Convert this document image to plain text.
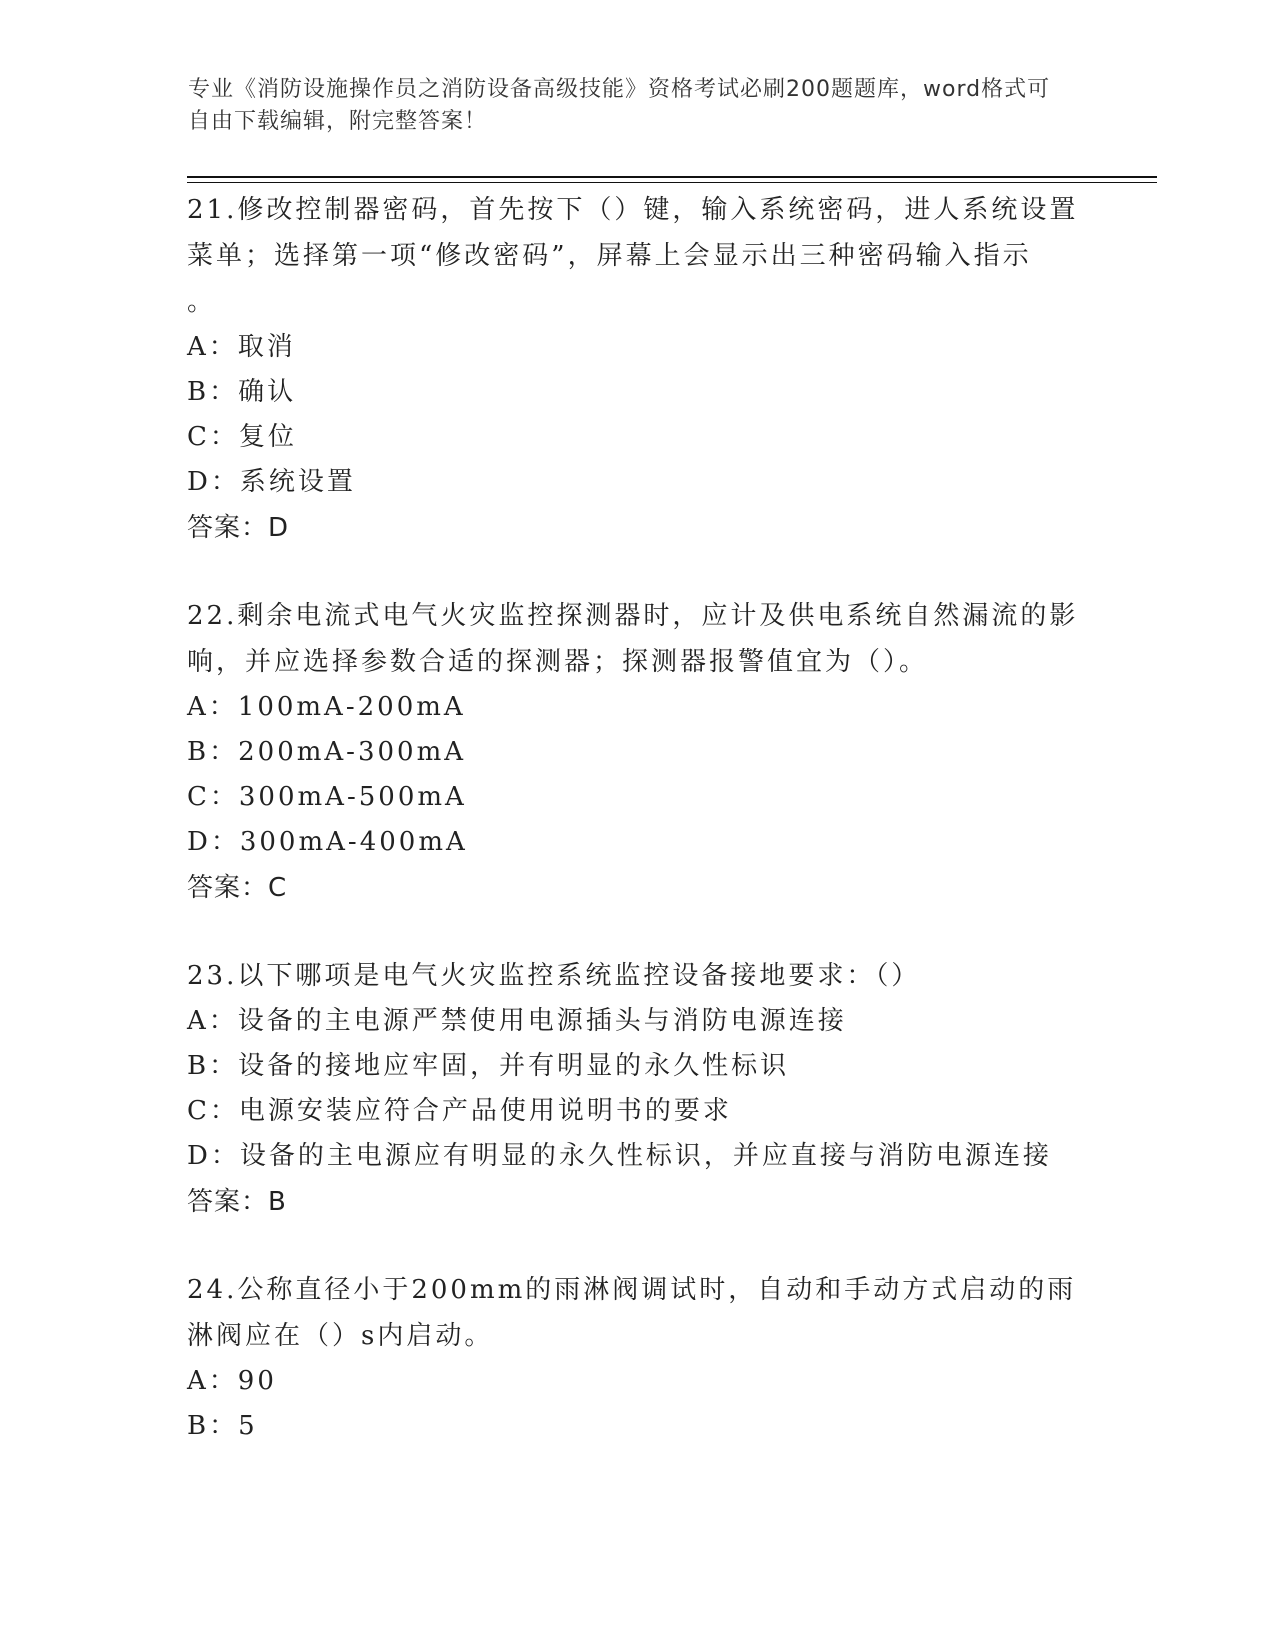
专业《消防设施操作员之消防设备高级技能》资格考试必刷200题题库，word格式可自由下载编辑，附完整答案！

21.修改控制器密码，首先按下（）键，输入系统密码，进人系统设置菜单；选择第一项“修改密码”，屏幕上会显示出三种密码输入指示

。

A：取消

B：确认

C：复位

D：系统设置

答案：D

22.剩余电流式电气火灾监控探测器时，应计及供电系统自然漏流的影响，并应选择参数合适的探测器；探测器报警值宜为（）。

A：100mA-200mA

B：200mA-300mA

C：300mA-500mA

D：300mA-400mA

答案：C

23.以下哪项是电气火灾监控系统监控设备接地要求：（）

A：设备的主电源严禁使用电源插头与消防电源连接

B：设备的接地应牢固，并有明显的永久性标识

C：电源安装应符合产品使用说明书的要求

D：设备的主电源应有明显的永久性标识，并应直接与消防电源连接

答案：B

24.公称直径小于200mm的雨淋阀调试时，自动和手动方式启动的雨淋阀应在（）s内启动。

A：90

B：5
